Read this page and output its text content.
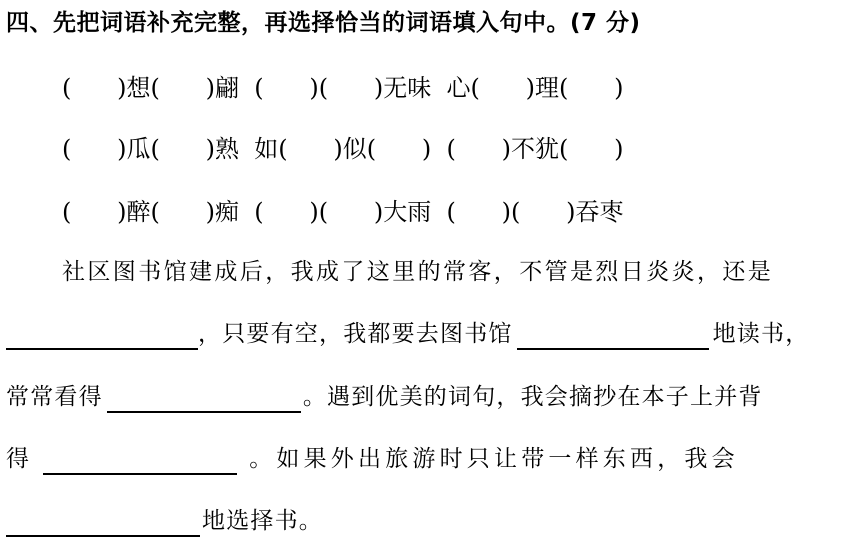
四、先把词语补充完整，再选择恰当的词语填入句中。(7 分)
(      )想(      )翩  (      )(      )无味  心(      )理(      )
(      )瓜(      )熟  如(      )似(      )  (      )不犹(      )
(      )醉(      )痴  (      )(      )大雨  (      )(      )吞枣
社区图书馆建成后，我成了这里的常客，不管是烈日炎炎，还是
，只要有空，我都要去图书馆	地读书，
常常看得	。遇到优美的词句，我会摘抄在本子上并背
得	。如果外出旅游时只让带一样东西，我会
地选择书。
